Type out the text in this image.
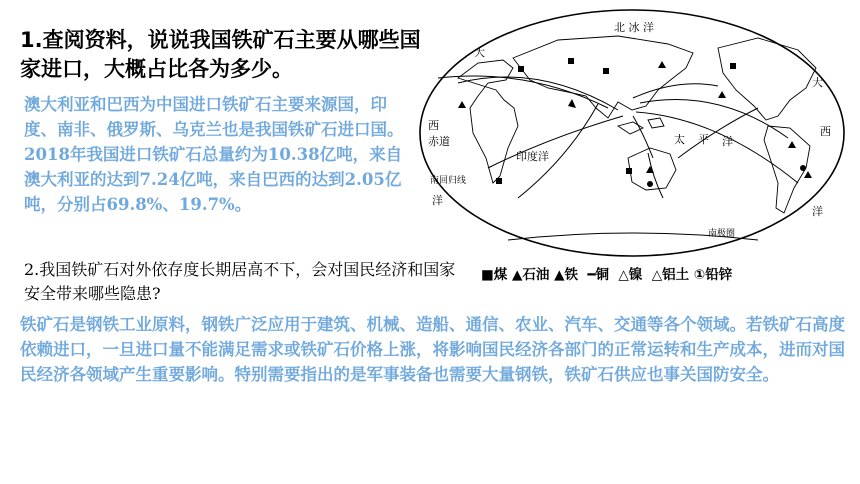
1.查阅资料，说说我国铁矿石主要从哪些国家进口，大概占比各为多少。
澳大利亚和巴西为中国进口铁矿石主要来源国，印度、南非、俄罗斯、乌克兰也是我国铁矿石进口国。2018年我国进口铁矿石总量约为10.38亿吨，来自澳大利亚的达到7.24亿吨，来自巴西的达到2.05亿吨，分别占69.8%、19.7%。
北 冰 洋
大
大
西	西
赤道
印度洋
南回归线
洋
洋
太 平 洋
南极圈
■煤
▲石油
▲铁
━铜
△镍
△铝土
①铅锌
2.我国铁矿石对外依存度长期居高不下，会对国民经济和国家安全带来哪些隐患?
铁矿石是钢铁工业原料，钢铁广泛应用于建筑、机械、造船、通信、农业、汽车、交通等各个领域。若铁矿石高度依赖进口，一旦进口量不能满足需求或铁矿石价格上涨，将影响国民经济各部门的正常运转和生产成本，进而对国民经济各领域产生重要影响。特别需要指出的是军事装备也需要大量钢铁，铁矿石供应也事关国防安全。
